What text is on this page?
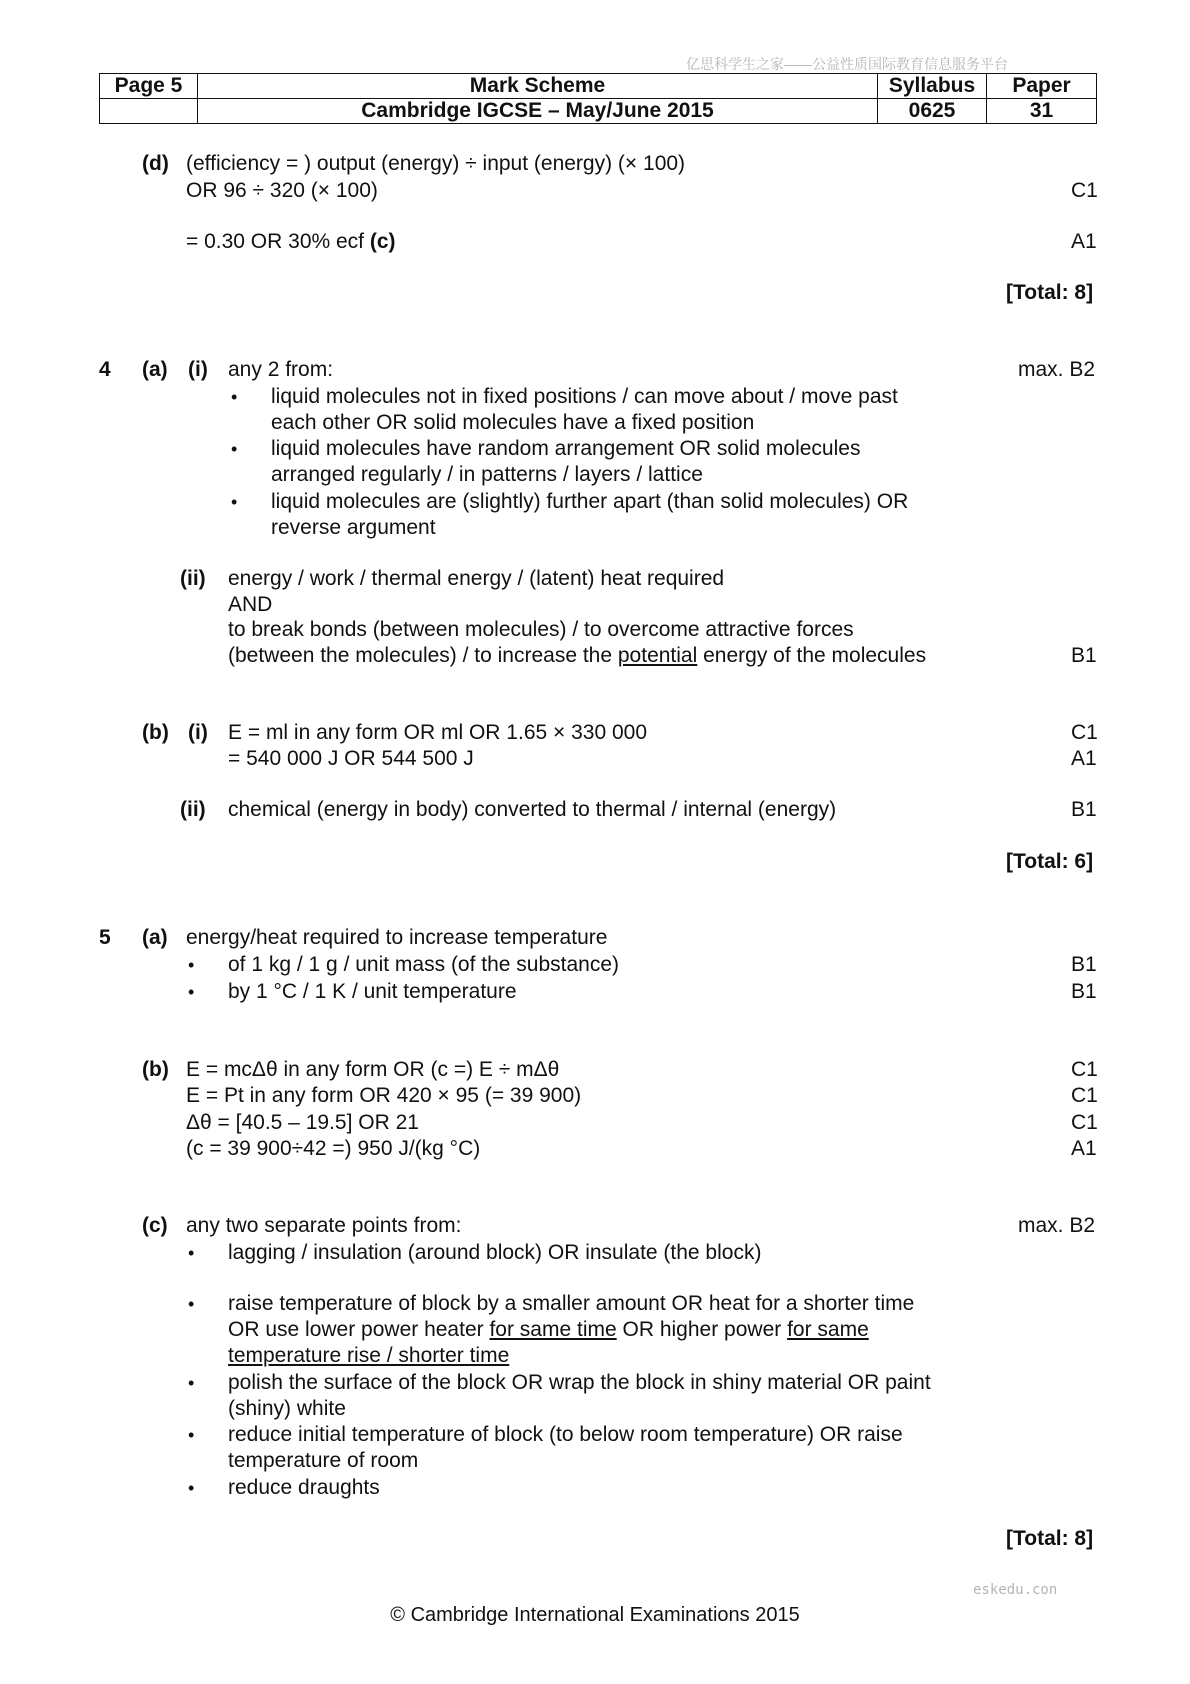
亿思科学生之家——公益性质国际教育信息服务平台
Page 5	Mark Scheme	Syllabus	Paper
	Cambridge IGCSE – May/June 2015	0625	31
(d) (efficiency = ) output (energy) ÷ input (energy) (× 100)
OR 96 ÷ 320 (× 100)	C1
= 0.30 OR 30% ecf (c)	A1
[Total: 8]
4 (a) (i) any 2 from:	max. B2
• liquid molecules not in fixed positions / can move about / move past
each other OR solid molecules have a fixed position
• liquid molecules have random arrangement OR solid molecules
arranged regularly / in patterns / layers / lattice
• liquid molecules are (slightly) further apart (than solid molecules) OR
reverse argument
(ii) energy / work / thermal energy / (latent) heat required
AND
to break bonds (between molecules) / to overcome attractive forces
(between the molecules) / to increase the potential energy of the molecules	B1
(b) (i) E = ml in any form OR ml OR 1.65 × 330 000	C1
= 540 000 J OR 544 500 J	A1
(ii) chemical (energy in body) converted to thermal / internal (energy)	B1
[Total: 6]
5 (a) energy/heat required to increase temperature
• of 1 kg / 1 g / unit mass (of the substance)	B1
• by 1 °C / 1 K / unit temperature	B1
(b) E = mcΔθ in any form OR (c =) E ÷ mΔθ	C1
E = Pt in any form OR 420 × 95 (= 39 900)	C1
Δθ = [40.5 – 19.5] OR 21	C1
(c = 39 900÷42 =) 950 J/(kg °C)	A1
(c) any two separate points from:	max. B2
• lagging / insulation (around block) OR insulate (the block)
• raise temperature of block by a smaller amount OR heat for a shorter time
OR use lower power heater for same time OR higher power for same
temperature rise / shorter time
• polish the surface of the block OR wrap the block in shiny material OR paint
(shiny) white
• reduce initial temperature of block (to below room temperature) OR raise
temperature of room
• reduce draughts
[Total: 8]
eskedu.con
© Cambridge International Examinations 2015
